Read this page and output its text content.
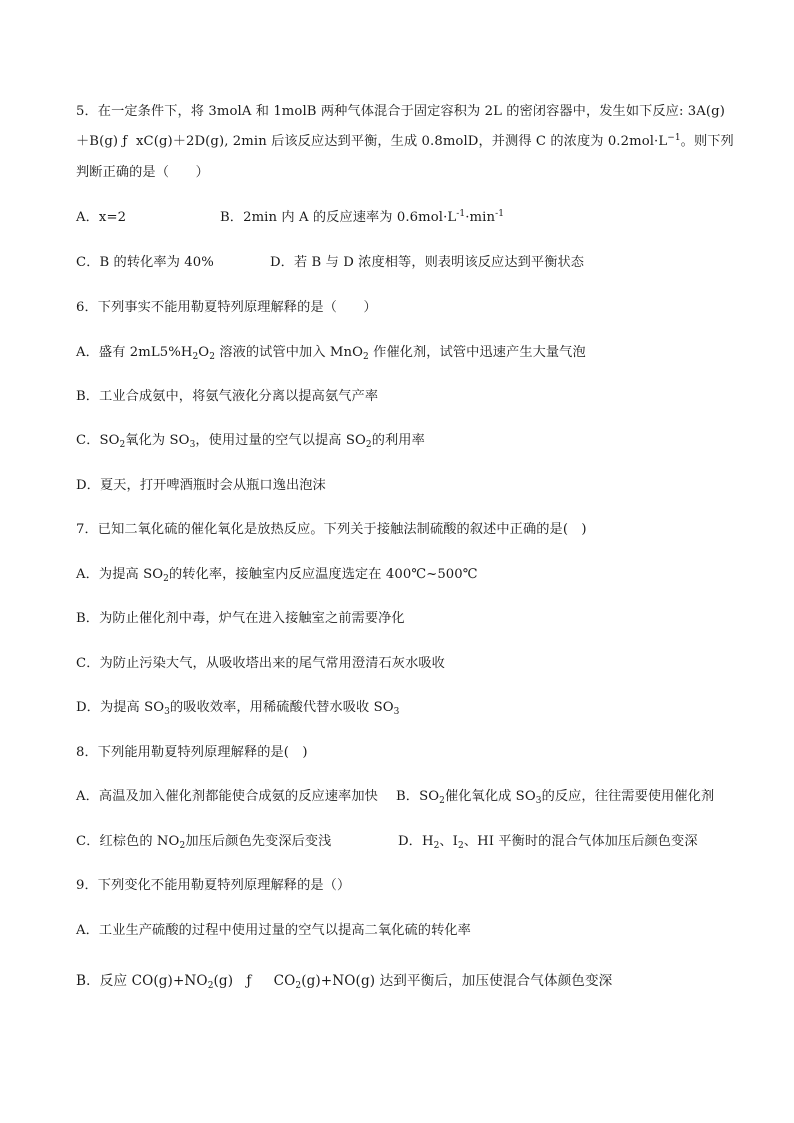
5．在一定条件下，将 3molA 和 1molB 两种气体混合于固定容积为 2L 的密闭容器中，发生如下反应: 3A(g)
＋B(g) ƒ  xC(g)＋2D(g), 2min 后该反应达到平衡，生成 0.8molD，并测得 C 的浓度为 $0.2mol\cdot L^{-1}$。则下列
判断正确的是（　　）
A．x=2	B．2min 内 A 的反应速率为 $0.6mol\cdot L^{-1}\cdot\min^{-1}$
C．B 的转化率为 40%	D．若 B 与 D 浓度相等，则表明该反应达到平衡状态
6．下列事实不能用勒夏特列原理解释的是（　　）
A．盛有 $2mL5\%H_2O_2$ 溶液的试管中加入 MnO$_2$ 作催化剂，试管中迅速产生大量气泡
B．工业合成氨中，将氨气液化分离以提高氨气产率
C．$SO_2$氧化为 $SO_3$，使用过量的空气以提高 $SO_2$的利用率
D．夏天，打开啤酒瓶时会从瓶口逸出泡沫
7．已知二氧化硫的催化氧化是放热反应。下列关于接触法制硫酸的叙述中正确的是(　)
A．为提高 $SO_2$的转化率，接触室内反应温度选定在 400℃~500℃
B．为防止催化剂中毒，炉气在进入接触室之前需要净化
C．为防止污染大气，从吸收塔出来的尾气常用澄清石灰水吸收
D．为提高 $SO_3$的吸收效率，用稀硫酸代替水吸收 $SO_3$
8．下列能用勒夏特列原理解释的是(　)
A．高温及加入催化剂都能使合成氨的反应速率加快 B．$SO_2$催化氧化成 $SO_3$的反应，往往需要使用催化剂
C．红棕色的 $NO_2$加压后颜色先变深后变浅	D．$H_2$、$I_2$、HI 平衡时的混合气体加压后颜色变深
9．下列变化不能用勒夏特列原理解释的是（）
A．工业生产硫酸的过程中使用过量的空气以提高二氧化硫的转化率
B．反应 $CO(g)+NO_2(g)$   ƒ     $CO_2(g)+NO(g)$ 达到平衡后，加压使混合气体颜色变深
